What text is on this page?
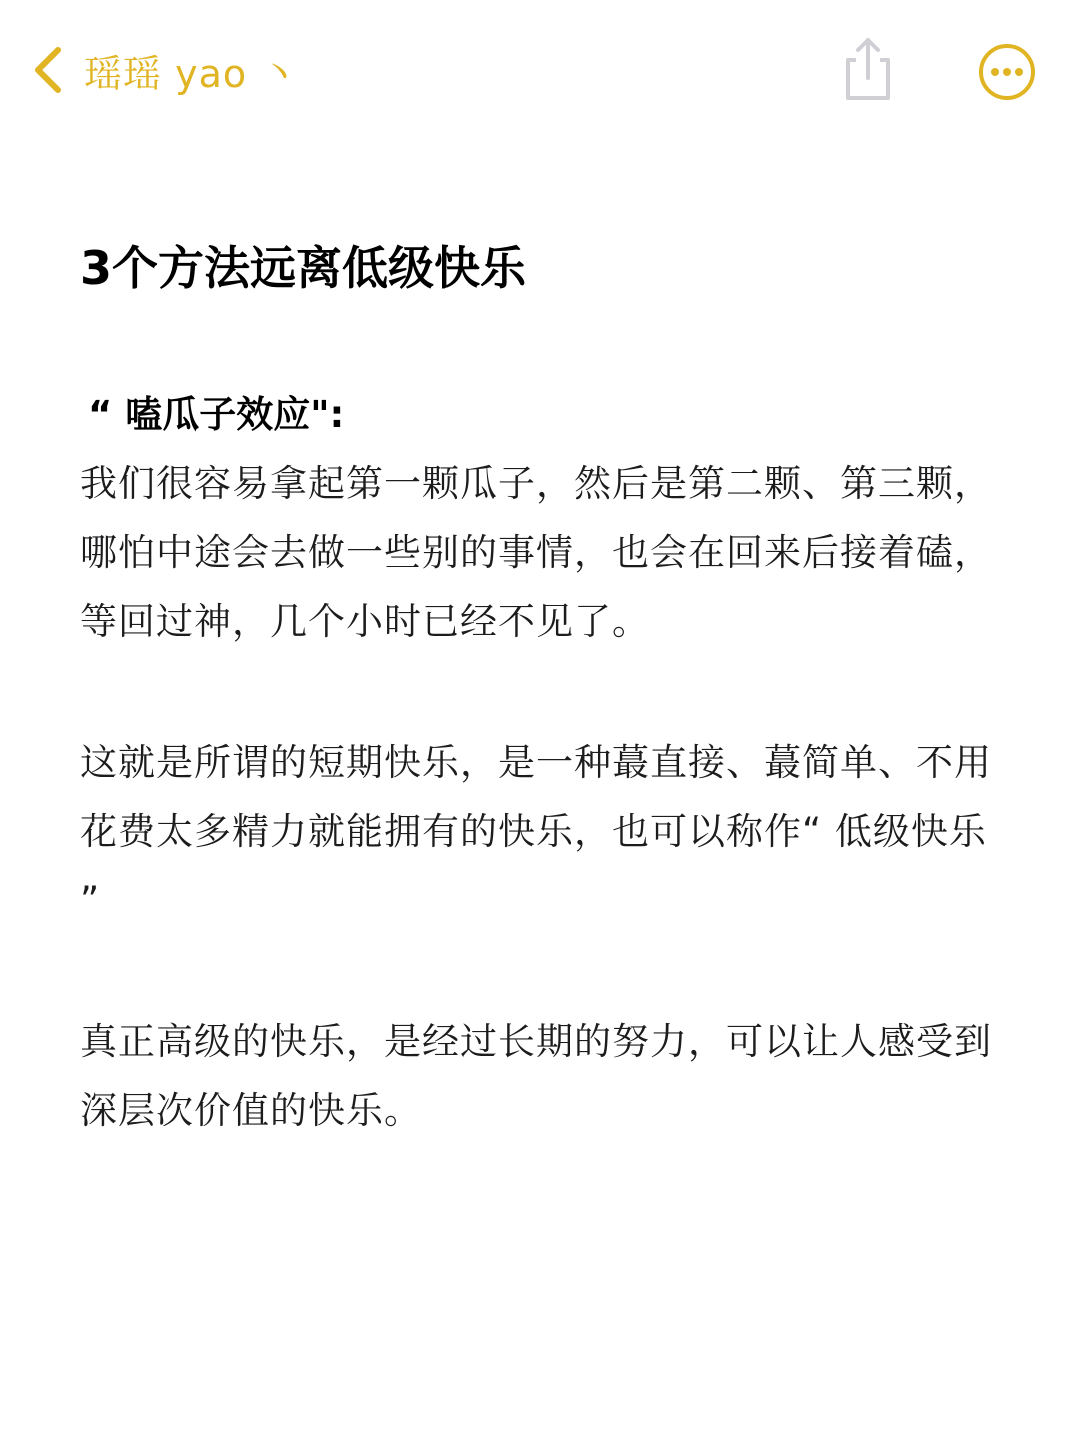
瑶瑶 yao 丶
3个方法远离低级快乐

“ 嗑瓜子效应":

我们很容易拿起第一颗瓜子，然后是第二颗、第三颗，哪怕中途会去做一些别的事情，也会在回来后接着磕，等回过神，几个小时已经不见了。

这就是所谓的短期快乐，是一种蕞直接、蕞简单、不用花费太多精力就能拥有的快乐，也可以称作“ 低级快乐 ”

真正高级的快乐，是经过长期的努力，可以让人感受到深层次价值的快乐。
